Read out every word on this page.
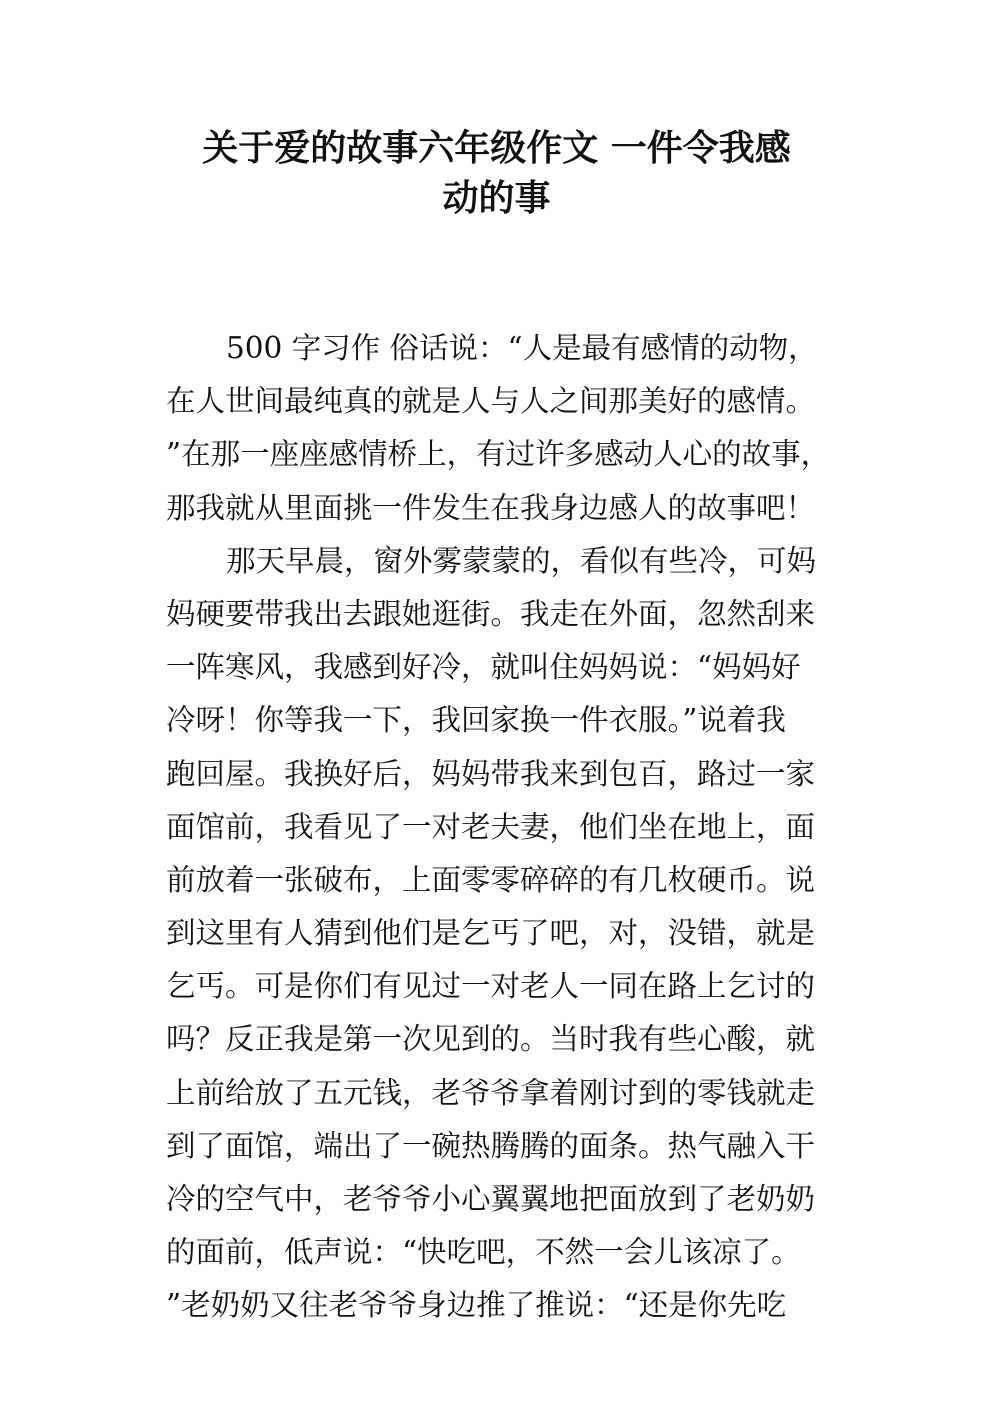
关于爱的故事六年级作文 一件令我感
动的事
500 字习作 俗话说：“人是最有感情的动物，
在人世间最纯真的就是人与人之间那美好的感情。
”在那一座座感情桥上，有过许多感动人心的故事，
那我就从里面挑一件发生在我身边感人的故事吧！
那天早晨，窗外雾蒙蒙的，看似有些冷，可妈
妈硬要带我出去跟她逛街。我走在外面，忽然刮来
一阵寒风，我感到好冷，就叫住妈妈说：“妈妈好
冷呀！你等我一下，我回家换一件衣服。”说着我
跑回屋。我换好后，妈妈带我来到包百，路过一家
面馆前，我看见了一对老夫妻，他们坐在地上，面
前放着一张破布，上面零零碎碎的有几枚硬币。说
到这里有人猜到他们是乞丐了吧，对，没错，就是
乞丐。可是你们有见过一对老人一同在路上乞讨的
吗？反正我是第一次见到的。当时我有些心酸，就
上前给放了五元钱，老爷爷拿着刚讨到的零钱就走
到了面馆，端出了一碗热腾腾的面条。热气融入干
冷的空气中，老爷爷小心翼翼地把面放到了老奶奶
的面前，低声说：“快吃吧，不然一会儿该凉了。
”老奶奶又往老爷爷身边推了推说：“还是你先吃
